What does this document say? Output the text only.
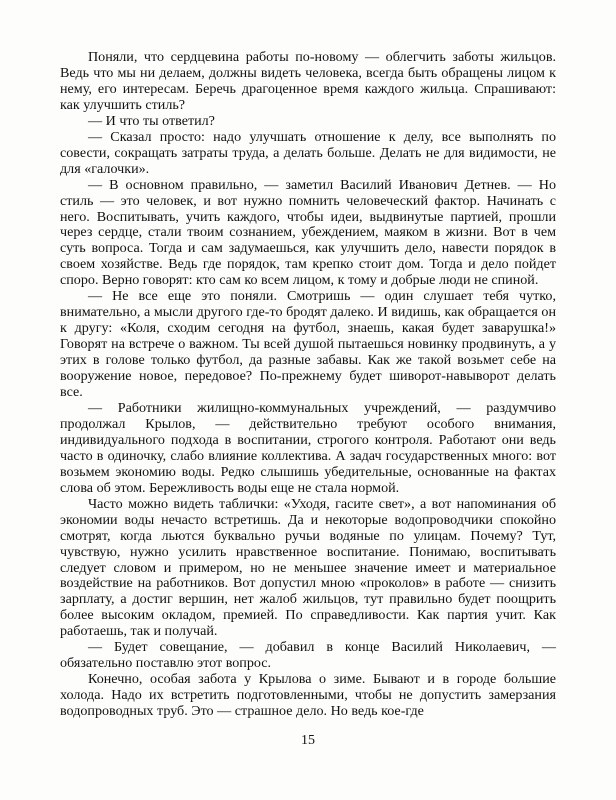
Поняли, что сердцевина работы по-новому — облегчить заботы жильцов. Ведь что мы ни делаем, должны видеть человека, всегда быть обращены лицом к нему, его интересам. Беречь драгоценное время каждого жильца. Спрашивают: как улучшить стиль?

— И что ты ответил?

— Сказал просто: надо улучшать отношение к делу, все выполнять по совести, сокращать затраты труда, а делать больше. Делать не для видимости, не для «галочки».

— В основном правильно, — заметил Василий Иванович Детнев. — Но стиль — это человек, и вот нужно помнить человеческий фактор. Начинать с него. Воспитывать, учить каждого, чтобы идеи, выдвинутые партией, прошли через сердце, стали твоим сознанием, убеждением, маяком в жизни. Вот в чем суть вопроса. Тогда и сам задумаешься, как улучшить дело, навести порядок в своем хозяйстве. Ведь где порядок, там крепко стоит дом. Тогда и дело пойдет споро. Верно говорят: кто сам ко всем лицом, к тому и добрые люди не спиной.

— Не все еще это поняли. Смотришь — один слушает тебя чутко, внимательно, а мысли другого где-то бродят далеко. И видишь, как обращается он к другу: «Коля, сходим сегодня на футбол, знаешь, какая будет заварушка!» Говорят на встрече о важном. Ты всей душой пытаешься новинку продвинуть, а у этих в голове только футбол, да разные забавы. Как же такой возьмет себе на вооружение новое, передовое? По-прежнему будет шиворот-навыворот делать все.

— Работники жилищно-коммунальных учреждений, — раздумчиво продолжал Крылов, — действительно требуют особого внимания, индивидуального подхода в воспитании, строгого контроля. Работают они ведь часто в одиночку, слабо влияние коллектива. А задач государственных много: вот возьмем экономию воды. Редко слышишь убедительные, основанные на фактах слова об этом. Бережливость воды еще не стала нормой.

Часто можно видеть таблички: «Уходя, гасите свет», а вот напоминания об экономии воды нечасто встретишь. Да и некоторые водопроводчики спокойно смотрят, когда льются буквально ручьи водяные по улицам. Почему? Тут, чувствую, нужно усилить нравственное воспитание. Понимаю, воспитывать следует словом и примером, но не меньшее значение имеет и материальное воздействие на работников. Вот допустил мною «проколов» в работе — снизить зарплату, а достиг вершин, нет жалоб жильцов, тут правильно будет поощрить более высоким окладом, премией. По справедливости. Как партия учит. Как работаешь, так и получай.

— Будет совещание, — добавил в конце Василий Николаевич, — обязательно поставлю этот вопрос.

Конечно, особая забота у Крылова о зиме. Бывают и в городе большие холода. Надо их встретить подготовленными, чтобы не допустить замерзания водопроводных труб. Это — страшное дело. Но ведь кое-где

15
